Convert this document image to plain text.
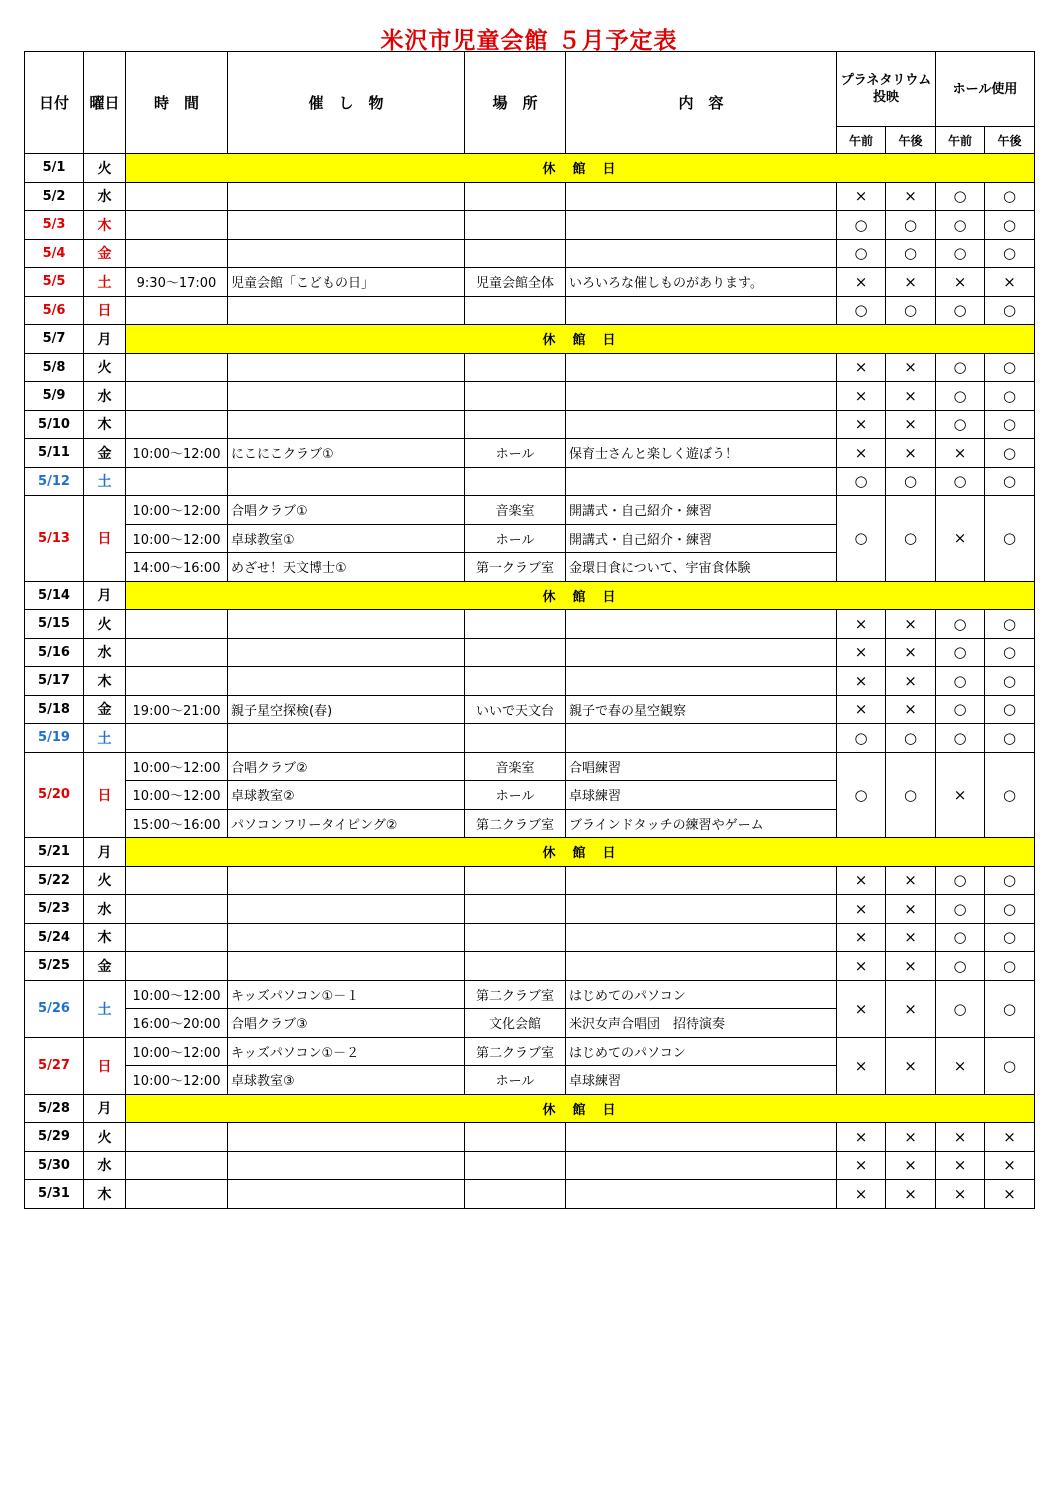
米沢市児童会館 ５月予定表
日付	曜日	時　間	催　し　物	場　所	内　容	プラネタリウム投映		ホール使用	
						午前	午後	午前	午後
5/1	火	休　館　日							
5/2	水					×	×	○	○
5/3	木					○	○	○	○
5/4	金					○	○	○	○
5/5	土	9:30～17:00	児童会館「こどもの日」	児童会館全体	いろいろな催しものがあります。	×	×	×	×
5/6	日					○	○	○	○
5/7	月	休　館　日							
5/8	火					×	×	○	○
5/9	水					×	×	○	○
5/10	木					×	×	○	○
5/11	金	10:00～12:00	にこにこクラブ①	ホール	保育士さんと楽しく遊ぼう！	×	×	×	○
5/12	土					○	○	○	○
5/13	日	10:00～12:00	合唱クラブ①	音楽室	開講式・自己紹介・練習	○	○	×	○
		10:00～12:00	卓球教室①	ホール	開講式・自己紹介・練習				
		14:00～16:00	めざせ！天文博士①	第一クラブ室	金環日食について、宇宙食体験				
5/14	月	休　館　日							
5/15	火					×	×	○	○
5/16	水					×	×	○	○
5/17	木					×	×	○	○
5/18	金	19:00～21:00	親子星空探検(春)	いいで天文台	親子で春の星空観察	×	×	○	○
5/19	土					○	○	○	○
5/20	日	10:00～12:00	合唱クラブ②	音楽室	合唱練習	○	○	×	○
		10:00～12:00	卓球教室②	ホール	卓球練習				
		15:00～16:00	パソコンフリータイピング②	第二クラブ室	ブラインドタッチの練習やゲーム				
5/21	月	休　館　日							
5/22	火					×	×	○	○
5/23	水					×	×	○	○
5/24	木					×	×	○	○
5/25	金					×	×	○	○
5/26	土	10:00～12:00	キッズパソコン①－１	第二クラブ室	はじめてのパソコン	×	×	○	○
		16:00～20:00	合唱クラブ③	文化会館	米沢女声合唱団　招待演奏				
5/27	日	10:00～12:00	キッズパソコン①－２	第二クラブ室	はじめてのパソコン	×	×	×	○
		10:00～12:00	卓球教室③	ホール	卓球練習				
5/28	月	休　館　日							
5/29	火					×	×	×	×
5/30	水					×	×	×	×
5/31	木					×	×	×	×
